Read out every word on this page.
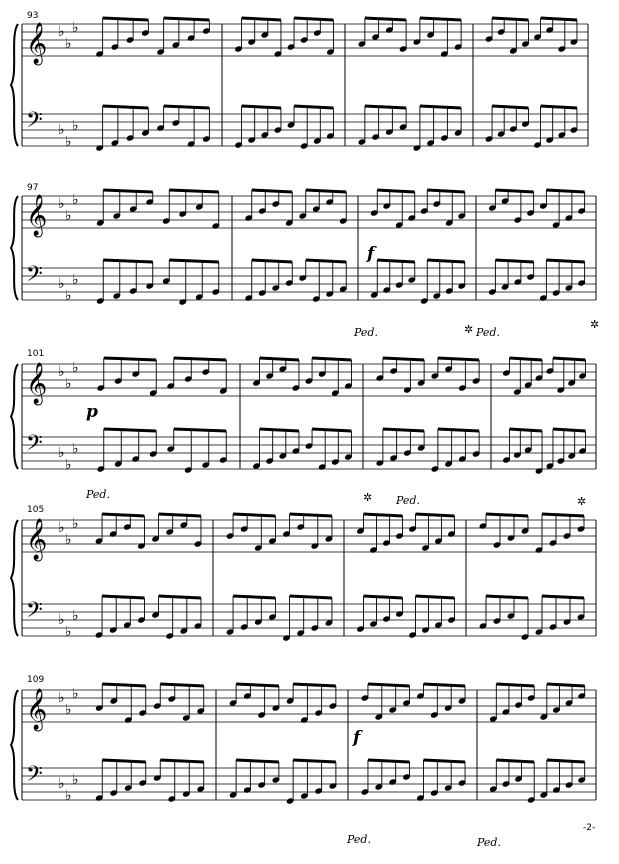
𝄞 ♭
♭
♭
𝄢 ♭
♭
♭
𝄞 ♭
♭
♭
𝄢 ♭
♭
♭
𝄞 ♭
♭
♭
𝄢 ♭
♭
♭
𝄞 ♭
♭
♭
𝄢 ♭
♭
♭
𝄞 ♭
♭
♭
𝄢 ♭
♭
♭
93
97
101
105
109
f
p
f
Ped.	✲ Ped.
✲
Ped.	✲ Ped.	✲
Ped.	Ped.
-2-
